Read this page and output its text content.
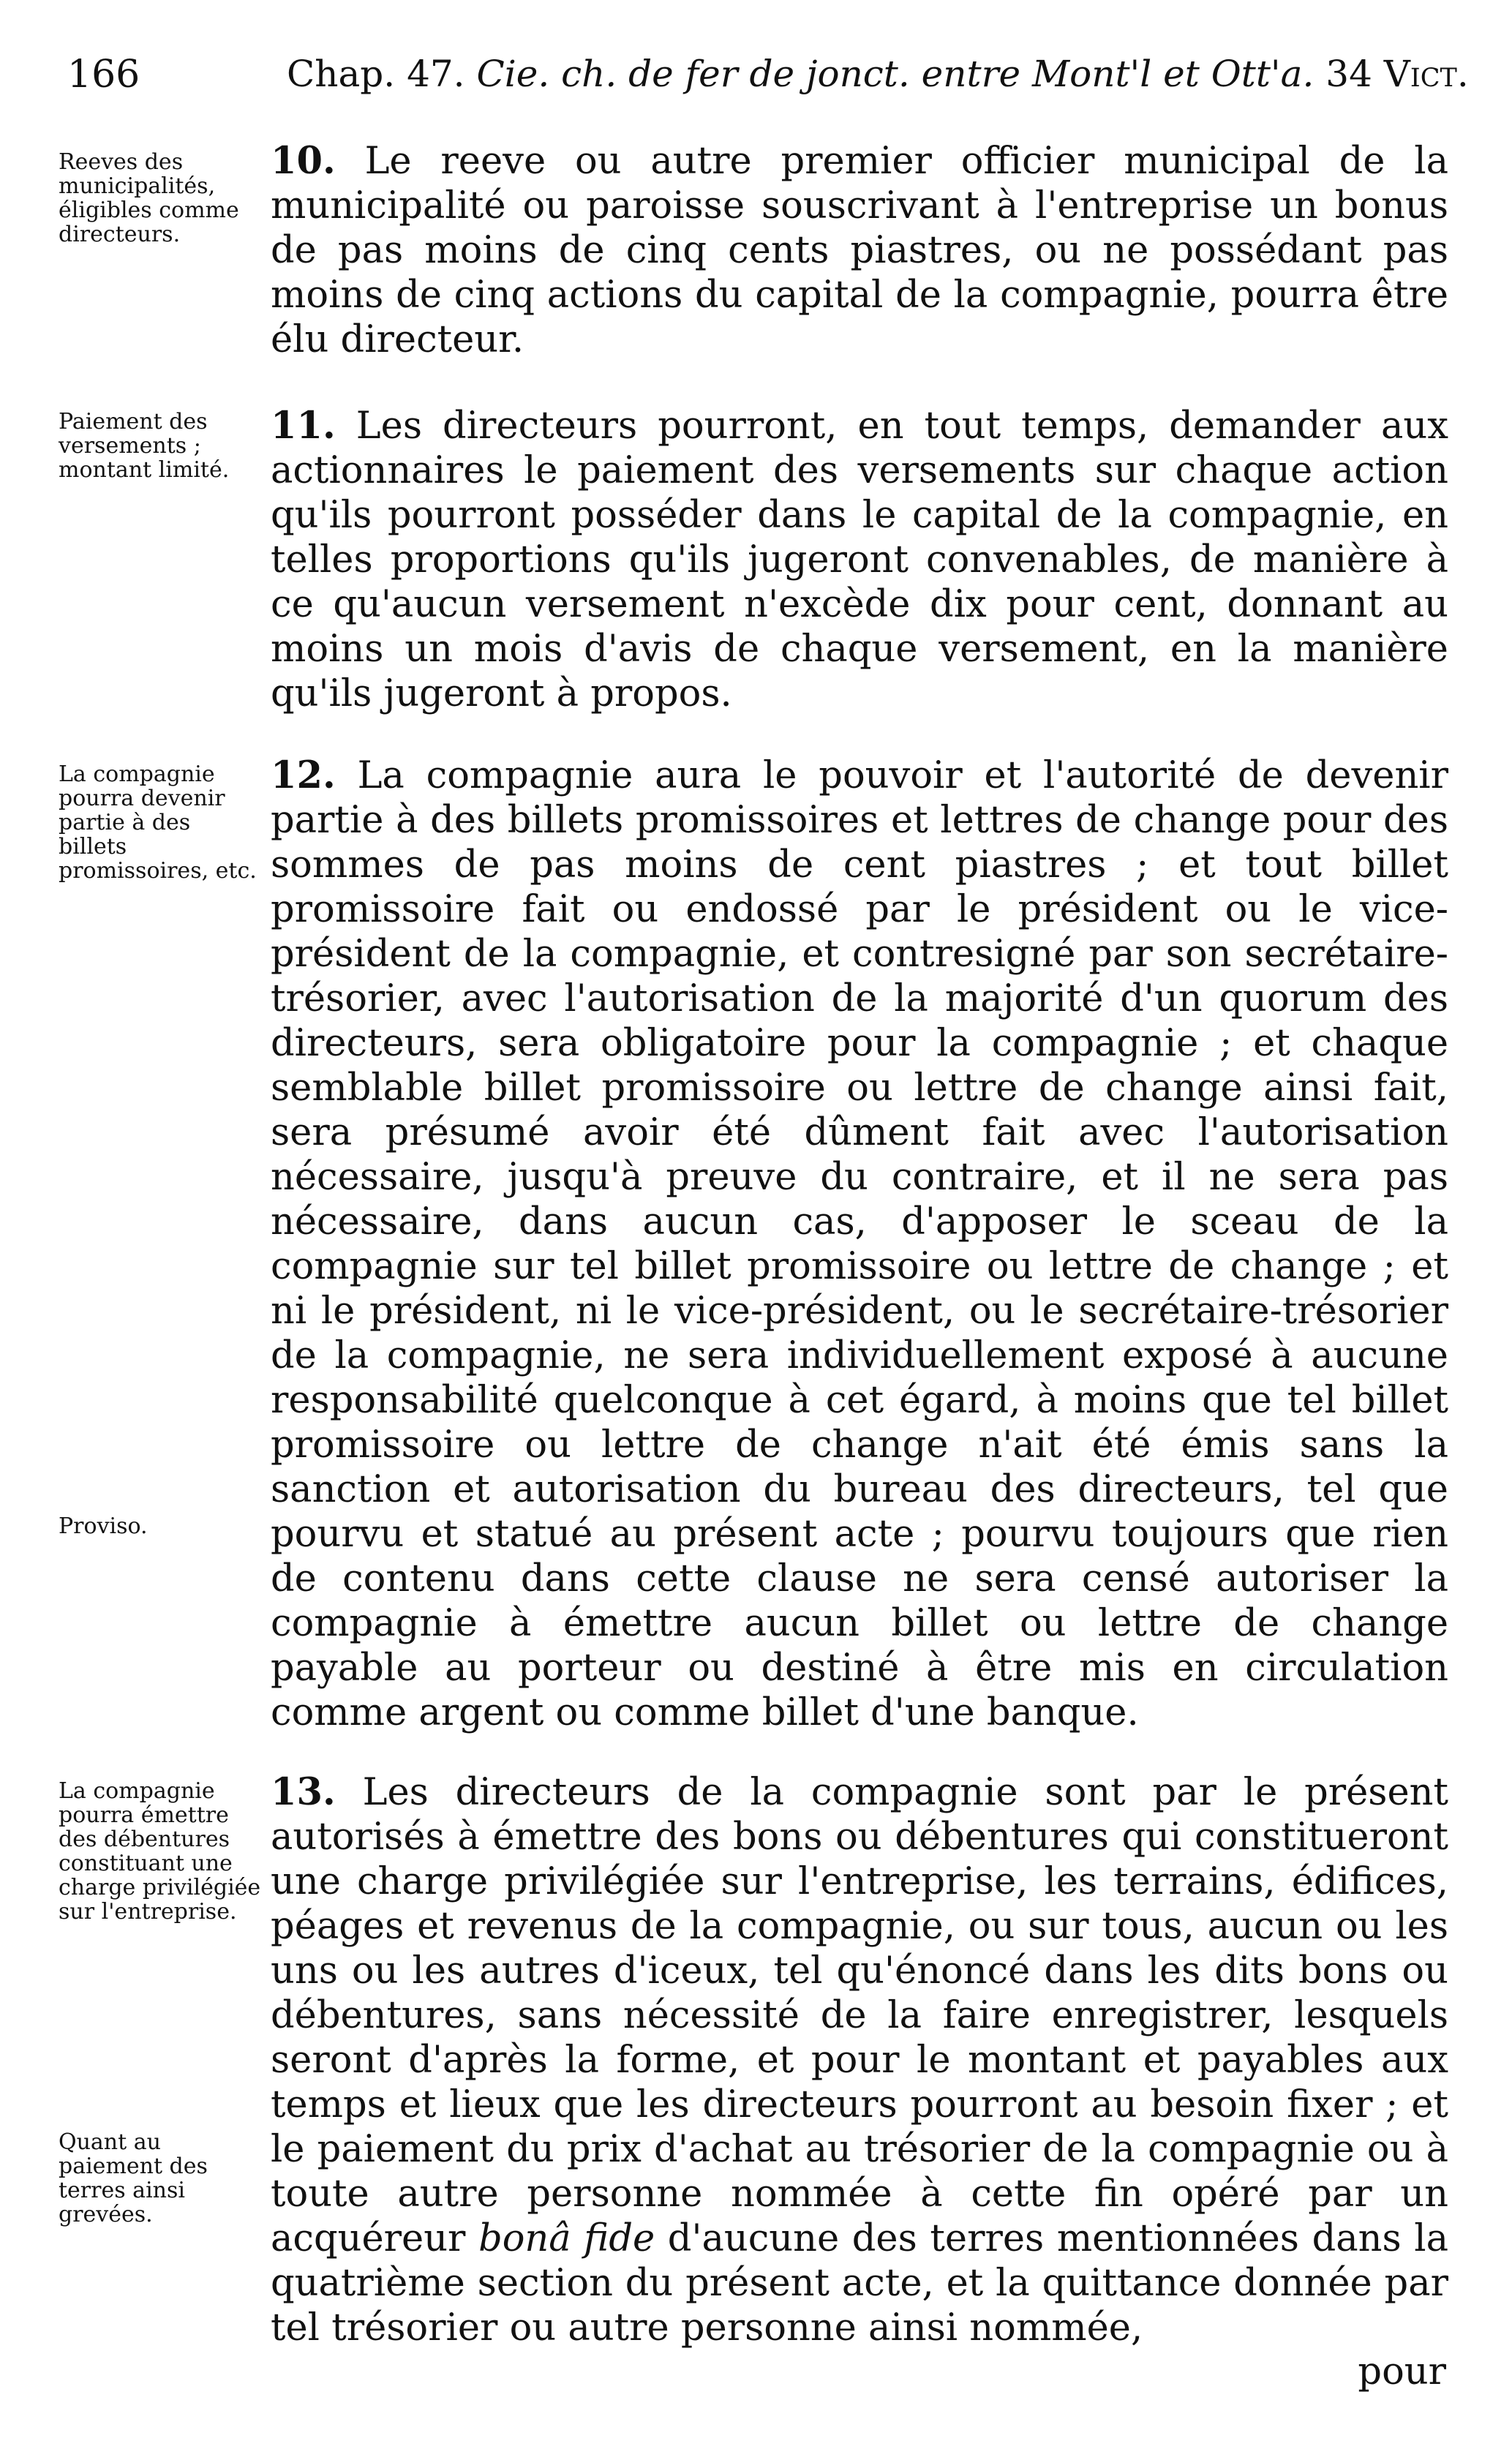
166	Chap. 47. Cie. ch. de fer de jonct. entre Mont'l et Ott'a. 34 Vict.
Reeves des municipalités, éligibles comme directeurs.
Paiement des versements ; montant limité.
La compagnie pourra devenir partie à des billets promissoires, etc.
Proviso.
La compagnie pourra émettre des débentures constituant une charge privilégiée sur l'entreprise.
Quant au paiement des terres ainsi grevées.
10. Le reeve ou autre premier officier municipal de la municipalité ou paroisse souscrivant à l'entreprise un bonus de pas moins de cinq cents piastres, ou ne possédant pas moins de cinq actions du capital de la compagnie, pourra être élu directeur.
11. Les directeurs pourront, en tout temps, demander aux actionnaires le paiement des versements sur chaque action qu'ils pourront posséder dans le capital de la compagnie, en telles proportions qu'ils jugeront convenables, de manière à ce qu'aucun versement n'excède dix pour cent, donnant au moins un mois d'avis de chaque versement, en la manière qu'ils jugeront à propos.
12. La compagnie aura le pouvoir et l'autorité de devenir partie à des billets promissoires et lettres de change pour des sommes de pas moins de cent piastres ; et tout billet promissoire fait ou endossé par le président ou le vice-président de la compagnie, et contresigné par son secrétaire-trésorier, avec l'autorisation de la majorité d'un quorum des directeurs, sera obligatoire pour la compagnie ; et chaque semblable billet promissoire ou lettre de change ainsi fait, sera présumé avoir été dûment fait avec l'autorisation nécessaire, jusqu'à preuve du contraire, et il ne sera pas nécessaire, dans aucun cas, d'apposer le sceau de la compagnie sur tel billet promissoire ou lettre de change ; et ni le président, ni le vice-président, ou le secrétaire-trésorier de la compagnie, ne sera individuellement exposé à aucune responsabilité quelconque à cet égard, à moins que tel billet promissoire ou lettre de change n'ait été émis sans la sanction et autorisation du bureau des directeurs, tel que pourvu et statué au présent acte ; pourvu toujours que rien de contenu dans cette clause ne sera censé autoriser la compagnie à émettre aucun billet ou lettre de change payable au porteur ou destiné à être mis en circulation comme argent ou comme billet d'une banque.
13. Les directeurs de la compagnie sont par le présent autorisés à émettre des bons ou débentures qui constitueront une charge privilégiée sur l'entreprise, les terrains, édifices, péages et revenus de la compagnie, ou sur tous, aucun ou les uns ou les autres d'iceux, tel qu'énoncé dans les dits bons ou débentures, sans nécessité de la faire enregistrer, lesquels seront d'après la forme, et pour le montant et payables aux temps et lieux que les directeurs pourront au besoin fixer ; et le paiement du prix d'achat au trésorier de la compagnie ou à toute autre personne nommée à cette fin opéré par un acquéreur bonâ fide d'aucune des terres mentionnées dans la quatrième section du présent acte, et la quittance donnée par tel trésorier ou autre personne ainsi nommée,
pour
